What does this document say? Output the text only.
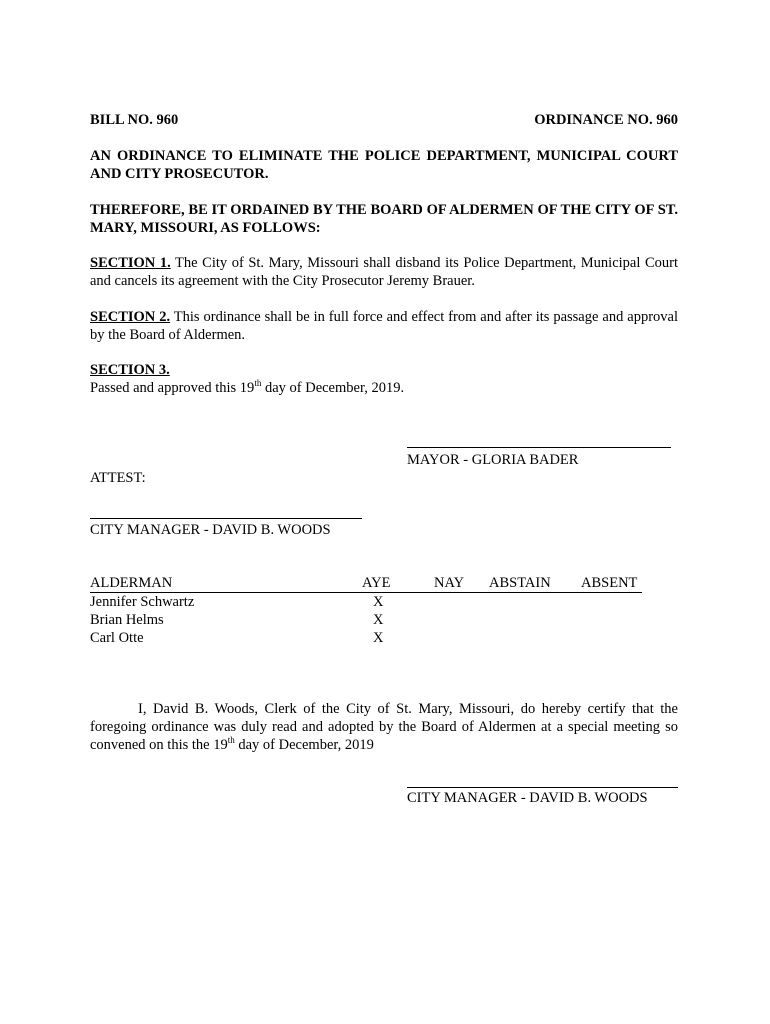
BILL NO. 960	ORDINANCE NO. 960
AN ORDINANCE TO ELIMINATE THE POLICE DEPARTMENT, MUNICIPAL COURT AND CITY PROSECUTOR.
THEREFORE, BE IT ORDAINED BY THE BOARD OF ALDERMEN OF THE CITY OF ST. MARY, MISSOURI, AS FOLLOWS:
SECTION 1. The City of St. Mary, Missouri shall disband its Police Department, Municipal Court and cancels its agreement with the City Prosecutor Jeremy Brauer.
SECTION 2. This ordinance shall be in full force and effect from and after its passage and approval by the Board of Aldermen.
SECTION 3.
Passed and approved this 19th day of December, 2019.
MAYOR - GLORIA BADER
ATTEST:
CITY MANAGER - DAVID B. WOODS
ALDERMAN	AYE	NAY ABSTAIN ABSENT
Jennifer Schwartz	X
Brian Helms	X
Carl Otte	X
I, David B. Woods, Clerk of the City of St. Mary, Missouri, do hereby certify that the foregoing ordinance was duly read and adopted by the Board of Aldermen at a special meeting so convened on this the 19th day of December, 2019
CITY MANAGER - DAVID B. WOODS
